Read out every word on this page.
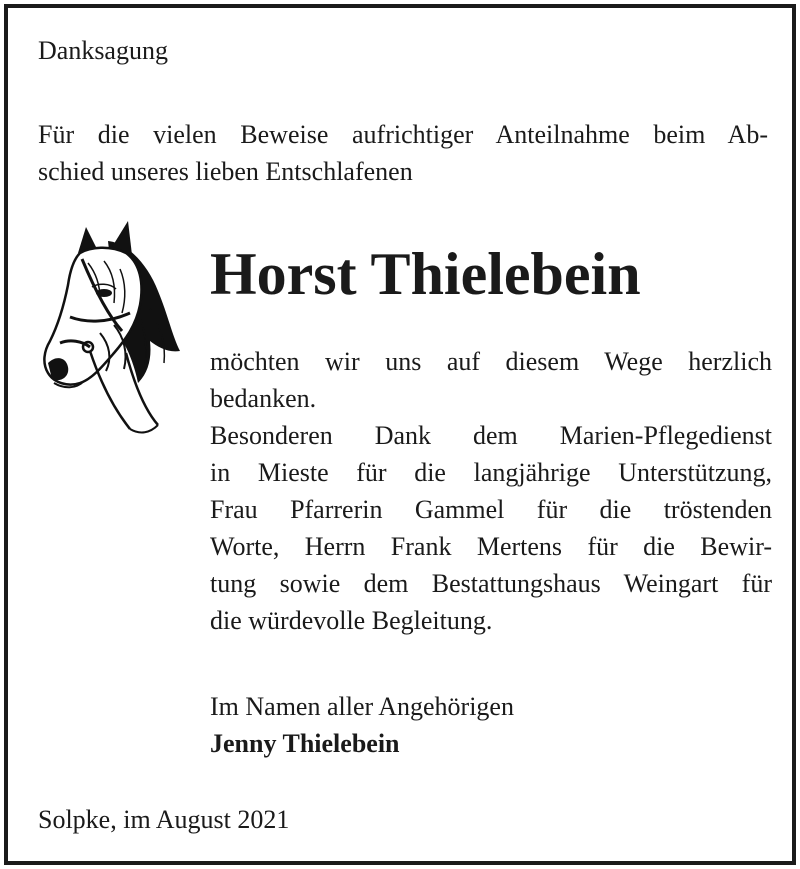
Danksagung
Für die vielen Beweise aufrichtiger Anteilnahme beim Ab-
schied unseres lieben Entschlafenen
Horst Thielebein
möchten wir uns auf diesem Wege herzlich
bedanken.
Besonderen Dank dem Marien-Pflegedienst
in Mieste für die langjährige Unterstützung,
Frau Pfarrerin Gammel für die tröstenden
Worte, Herrn Frank Mertens für die Bewir-
tung sowie dem Bestattungshaus Weingart für
die würdevolle Begleitung.
Im Namen aller Angehörigen
Jenny Thielebein
Solpke, im August 2021
